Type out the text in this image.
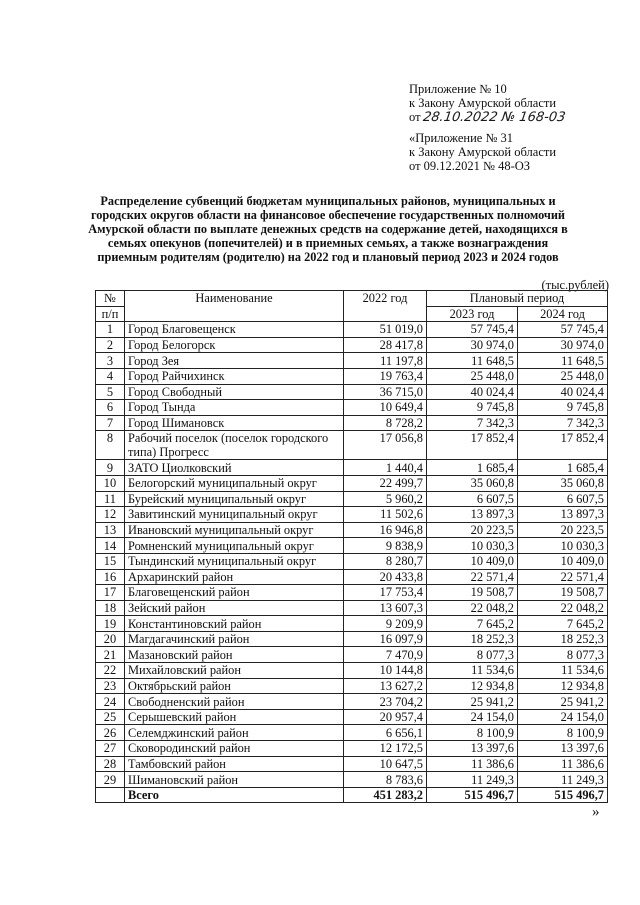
Приложение № 10
к Закону Амурской области
от28.10.2022 № 168-03
«Приложение № 31
к Закону Амурской области
от 09.12.2021 № 48-ОЗ
Распределение субвенций бюджетам муниципальных районов, муниципальных и городских округов области на финансовое обеспечение государственных полномочий Амурской области по выплате денежных средств на содержание детей, находящихся в семьях опекунов (попечителей) и в приемных семьях, а также вознаграждения приемным родителям (родителю) на 2022 год и плановый период 2023 и 2024 годов
(тыс.рублей)
№	Наименование	2022 год	Плановый период	
п/п			2023 год	2024 год
1	Город Благовещенск	51 019,0	57 745,4	57 745,4
2	Город Белогорск	28 417,8	30 974,0	30 974,0
3	Город Зея	11 197,8	11 648,5	11 648,5
4	Город Райчихинск	19 763,4	25 448,0	25 448,0
5	Город Свободный	36 715,0	40 024,4	40 024,4
6	Город Тында	10 649,4	9 745,8	9 745,8
7	Город Шимановск	8 728,2	7 342,3	7 342,3
8	Рабочий поселок (поселок городского типа) Прогресс	17 056,8	17 852,4	17 852,4
9	ЗАТО Циолковский	1 440,4	1 685,4	1 685,4
10	Белогорский муниципальный округ	22 499,7	35 060,8	35 060,8
11	Бурейский муниципальный округ	5 960,2	6 607,5	6 607,5
12	Завитинский муниципальный округ	11 502,6	13 897,3	13 897,3
13	Ивановский муниципальный округ	16 946,8	20 223,5	20 223,5
14	Ромненский муниципальный округ	9 838,9	10 030,3	10 030,3
15	Тындинский муниципальный округ	8 280,7	10 409,0	10 409,0
16	Архаринский район	20 433,8	22 571,4	22 571,4
17	Благовещенский район	17 753,4	19 508,7	19 508,7
18	Зейский район	13 607,3	22 048,2	22 048,2
19	Константиновский район	9 209,9	7 645,2	7 645,2
20	Магдагачинский район	16 097,9	18 252,3	18 252,3
21	Мазановский район	7 470,9	8 077,3	8 077,3
22	Михайловский район	10 144,8	11 534,6	11 534,6
23	Октябрьский район	13 627,2	12 934,8	12 934,8
24	Свободненский район	23 704,2	25 941,2	25 941,2
25	Серышевский район	20 957,4	24 154,0	24 154,0
26	Селемджинский район	6 656,1	8 100,9	8 100,9
27	Сковородинский район	12 172,5	13 397,6	13 397,6
28	Тамбовский район	10 647,5	11 386,6	11 386,6
29	Шимановский район	8 783,6	11 249,3	11 249,3
	Всего	451 283,2	515 496,7	515 496,7
»
